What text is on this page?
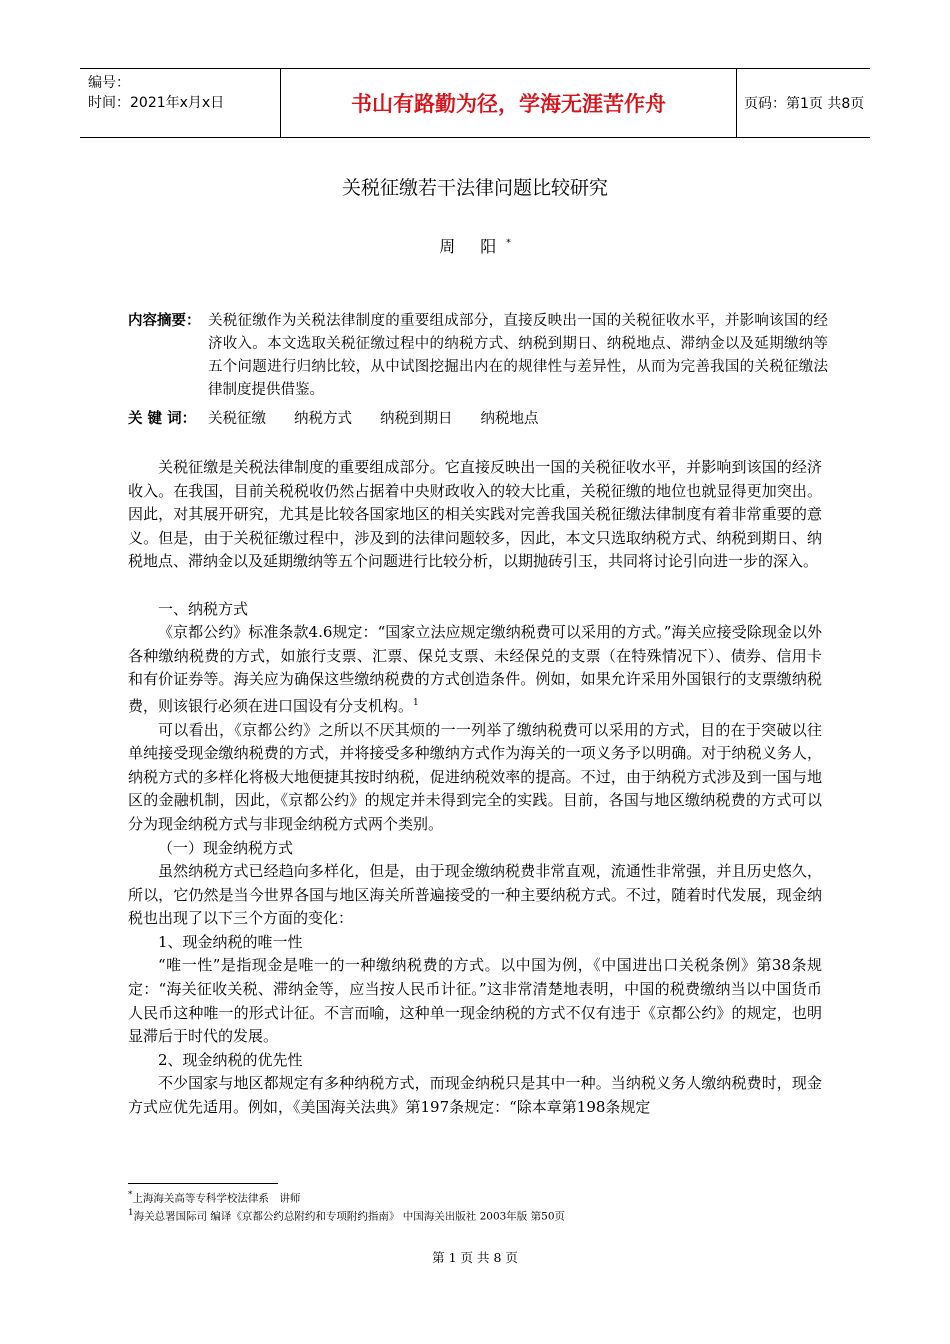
编号：
时间：2021年x月x日	书山有路勤为径，学海无涯苦作舟	页码：第1页 共8页
关税征缴若干法律问题比较研究
周 阳*
内容摘要： 关税征缴作为关税法律制度的重要组成部分，直接反映出一国的关税征收水平，并影响该国的经济收入。本文选取关税征缴过程中的纳税方式、纳税到期日、纳税地点、滞纳金以及延期缴纳等五个问题进行归纳比较，从中试图挖掘出内在的规律性与差异性，从而为完善我国的关税征缴法律制度提供借鉴。
关 键 词： 关税征缴 纳税方式 纳税到期日 纳税地点

关税征缴是关税法律制度的重要组成部分。它直接反映出一国的关税征收水平，并影响到该国的经济收入。在我国，目前关税税收仍然占据着中央财政收入的较大比重，关税征缴的地位也就显得更加突出。因此，对其展开研究，尤其是比较各国家地区的相关实践对完善我国关税征缴法律制度有着非常重要的意义。但是，由于关税征缴过程中，涉及到的法律问题较多，因此，本文只选取纳税方式、纳税到期日、纳税地点、滞纳金以及延期缴纳等五个问题进行比较分析，以期抛砖引玉，共同将讨论引向进一步的深入。

一、纳税方式

《京都公约》标准条款4.6规定：“国家立法应规定缴纳税费可以采用的方式。”海关应接受除现金以外各种缴纳税费的方式，如旅行支票、汇票、保兑支票、未经保兑的支票（在特殊情况下）、债券、信用卡和有价证券等。海关应为确保这些缴纳税费的方式创造条件。例如，如果允许采用外国银行的支票缴纳税费，则该银行必须在进口国设有分支机构。$^1$

可以看出，《京都公约》之所以不厌其烦的一一列举了缴纳税费可以采用的方式，目的在于突破以往单纯接受现金缴纳税费的方式，并将接受多种缴纳方式作为海关的一项义务予以明确。对于纳税义务人，纳税方式的多样化将极大地便捷其按时纳税，促进纳税效率的提高。不过，由于纳税方式涉及到一国与地区的金融机制，因此，《京都公约》的规定并未得到完全的实践。目前，各国与地区缴纳税费的方式可以分为现金纳税方式与非现金纳税方式两个类别。

（一）现金纳税方式

虽然纳税方式已经趋向多样化，但是，由于现金缴纳税费非常直观，流通性非常强，并且历史悠久，所以，它仍然是当今世界各国与地区海关所普遍接受的一种主要纳税方式。不过，随着时代发展，现金纳税也出现了以下三个方面的变化：

1、现金纳税的唯一性

“唯一性”是指现金是唯一的一种缴纳税费的方式。以中国为例，《中国进出口关税条例》第38条规定：“海关征收关税、滞纳金等，应当按人民币计征。”这非常清楚地表明，中国的税费缴纳当以中国货币人民币这种唯一的形式计征。不言而喻，这种单一现金纳税的方式不仅有违于《京都公约》的规定，也明显滞后于时代的发展。

2、现金纳税的优先性

不少国家与地区都规定有多种纳税方式，而现金纳税只是其中一种。当纳税义务人缴纳税费时，现金方式应优先适用。例如，《美国海关法典》第197条规定：“除本章第198条规定

*上海海关高等专科学校法律系　讲师
$^1$海关总署国际司 编译《京都公约总附约和专项附约指南》 中国海关出版社 2003年版 第50页
第 1 页 共 8 页
